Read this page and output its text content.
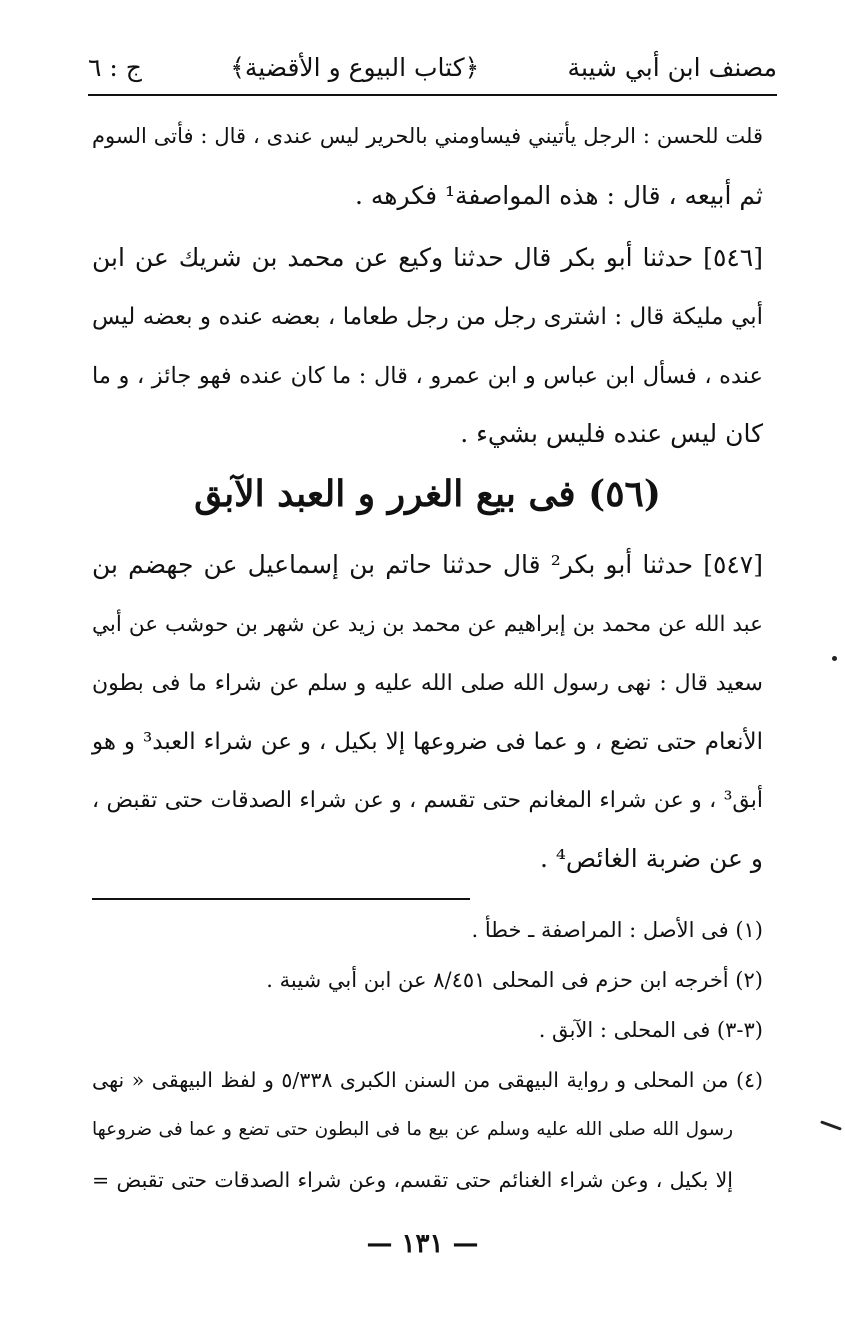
مصنف ابن أبي شيبة
﴿كتاب البيوع و الأقضية﴾
ج : ٦
قلت للحسن : الرجل يأتيني فيساومني بالحرير ليس عندى ، قال : فأتى السوم
ثم أبيعه ، قال : هذه المواصفة¹ فكرهه .
[٥٤٦] حدثنا أبو بكر قال حدثنا وكيع عن محمد بن شريك عن ابن
أبي مليكة قال : اشترى رجل من رجل طعاما ، بعضه عنده و بعضه ليس
عنده ، فسأل ابن عباس و ابن عمرو ، قال : ما كان عنده فهو جائز ، و ما
كان ليس عنده فليس بشيء .
(٥٦) فى بيع الغرر و العبد الآبق
[٥٤٧] حدثنا أبو بكر² قال حدثنا حاتم بن إسماعيل عن جهضم بن
عبد الله عن محمد بن إبراهيم عن محمد بن زيد عن شهر بن حوشب عن أبي
سعيد قال : نهى رسول الله صلى الله عليه و سلم عن شراء ما فى بطون
الأنعام حتى تضع ، و عما فى ضروعها إلا بكيل ، و عن شراء العبد³ و هو
أبق³ ، و عن شراء المغانم حتى تقسم ، و عن شراء الصدقات حتى تقبض ،
و عن ضربة الغائص⁴ .
(١) فى الأصل : المراصفة ـ خطأ .
(٢) أخرجه ابن حزم فى المحلى ٨/٤٥١ عن ابن أبي شيبة .
(٣-٣) فى المحلى : الآبق .
(٤) من المحلى و رواية البيهقى من السنن الكبرى ٥/٣٣٨ و لفظ البيهقى « نهى
رسول الله صلى الله عليه وسلم عن بيع ما فى البطون حتى تضع و عما فى ضروعها
إلا بكيل ، وعن شراء الغنائم حتى تقسم، وعن شراء الصدقات حتى تقبض =
— ١٣١ —
